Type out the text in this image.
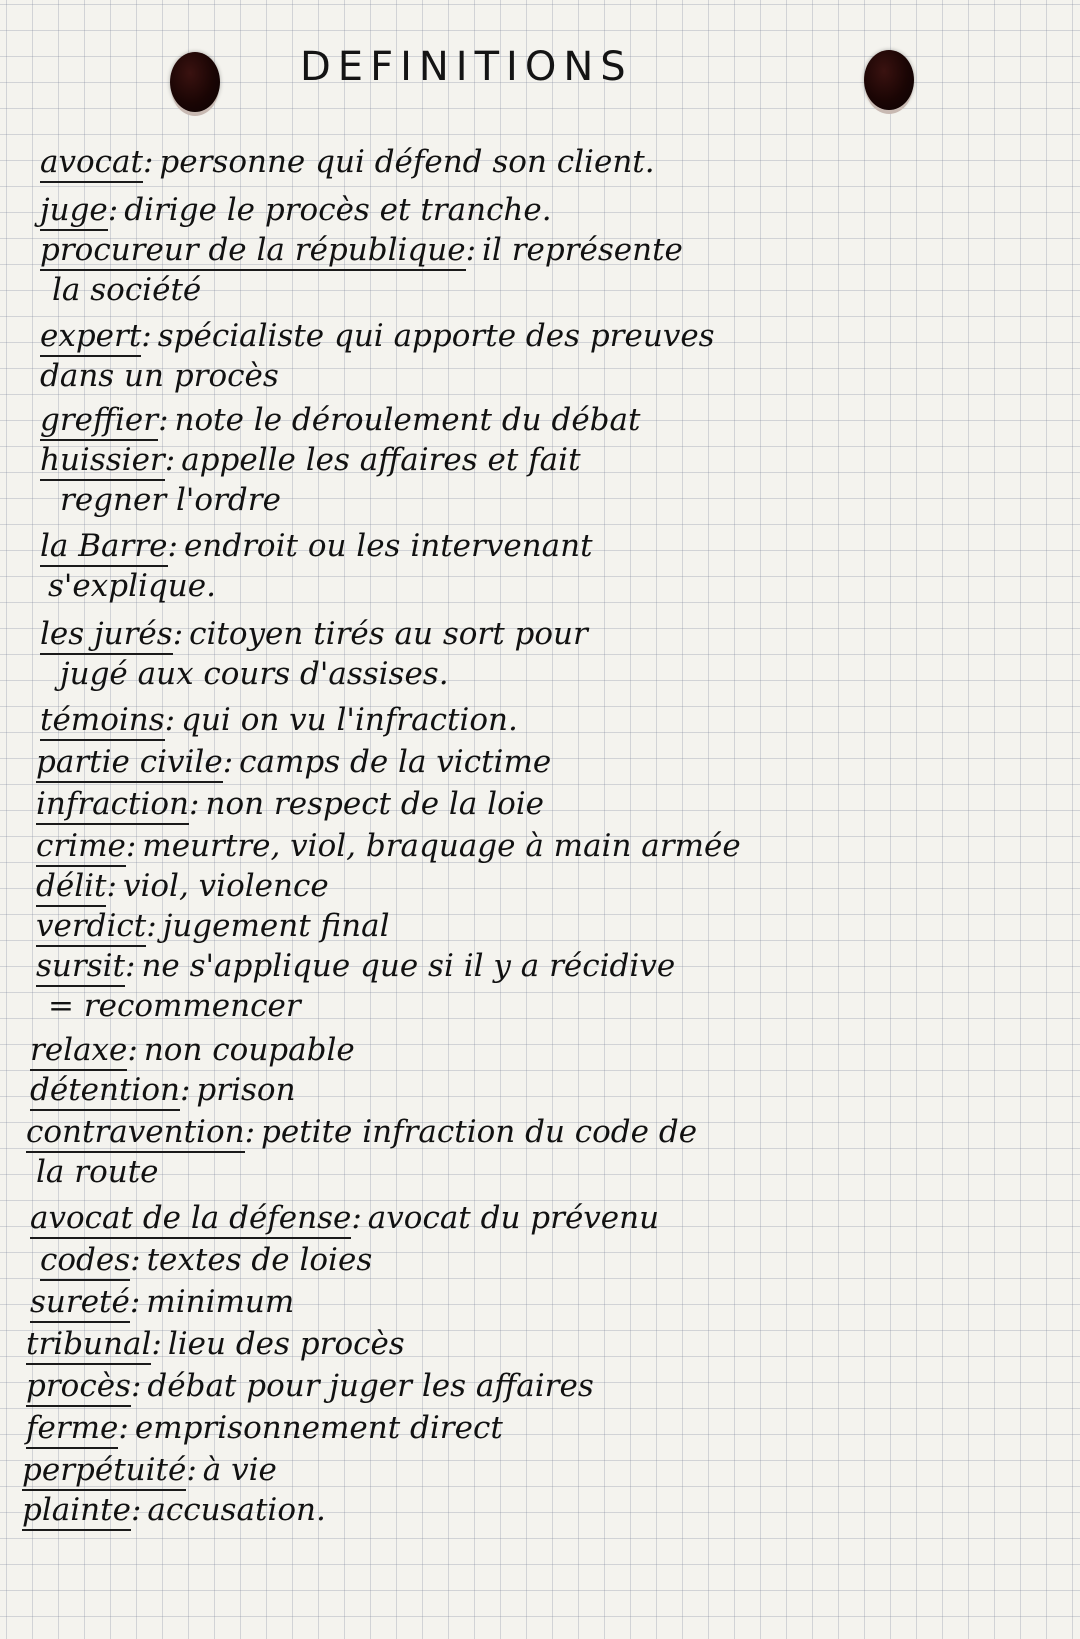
DEFINITIONS

avocat: personne qui défend son client.

juge: dirige le procès et tranche.

procureur de la république: il représente

la société

expert: spécialiste qui apporte des preuves

dans un procès

greffier: note le déroulement du débat

huissier: appelle les affaires et fait

regner l'ordre

la Barre: endroit ou les intervenant

s'explique.

les jurés: citoyen tirés au sort pour

jugé aux cours d'assises.

témoins: qui on vu l'infraction.

partie civile: camps de la victime

infraction: non respect de la loie

crime: meurtre, viol, braquage à main armée

délit: viol, violence

verdict: jugement final

sursit: ne s'applique que si il y a récidive

= recommencer

relaxe: non coupable

détention: prison

contravention: petite infraction du code de

la route

avocat de la défense: avocat du prévenu

codes: textes de loies

sureté: minimum

tribunal: lieu des procès

procès: débat pour juger les affaires

ferme: emprisonnement direct

perpétuité: à vie

plainte: accusation.
